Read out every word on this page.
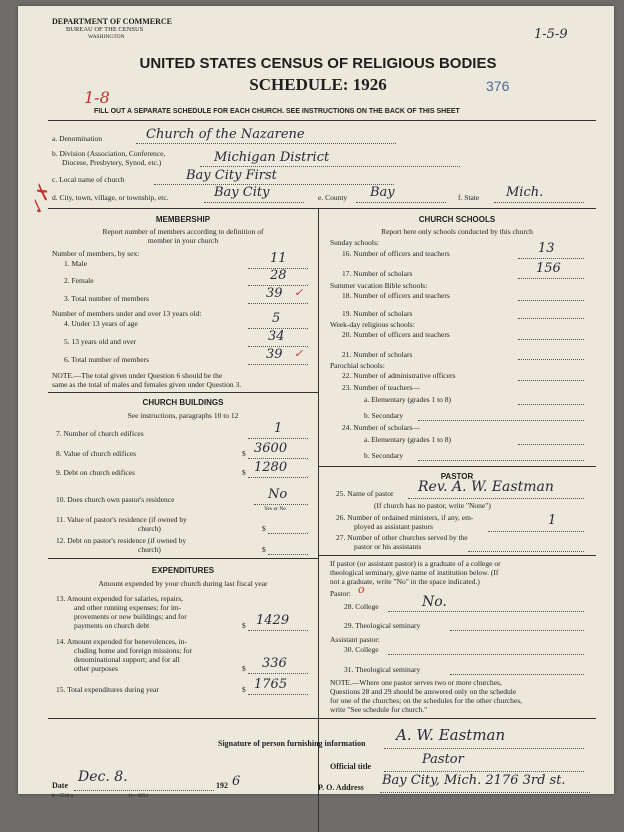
DEPARTMENT OF COMMERCE
BUREAU OF THE CENSUS
WASHINGTON	1-5-9
UNITED STATES CENSUS OF RELIGIOUS BODIES
SCHEDULE: 1926	376
1-8
✓✗
FILL OUT A SEPARATE SCHEDULE FOR EACH CHURCH. SEE INSTRUCTIONS ON THE BACK OF THIS SHEET
a. Denomination	Church of the Nazarene
b. Division (Association, Conference,
Diocese, Presbytery, Synod, etc.)	Michigan District
c. Local name of church	Bay City First
d. City, town, village, or township, etc.	Bay City	e. County Bay	f. State Mich.
MEMBERSHIP
Report number of members according to definition of
member in your church
Number of members, by sex:
1. Male	11
2. Female	28
3. Total number of members	39 ✓
Number of members under and over 13 years old:
4. Under 13 years of age	5
5. 13 years old and over	34
6. Total number of members	39 ✓
NOTE.—The total given under Question 6 should be the
same as the total of males and females given under Question 3.
CHURCH BUILDINGS
See instructions, paragraphs 10 to 12
7. Number of church edifices	1
8. Value of church edifices	$ 3600
9. Debt on church edifices	$ 1280
10. Does church own pastor's residence	No
Yes or No
11. Value of pastor's residence (if owned by
church)	$
12. Debt on pastor's residence (if owned by
church)	$
EXPENDITURES
Amount expended by your church during last fiscal year
13. Amount expended for salaries, repairs,
and other running expenses; for im-
provements or new buildings; and for
payments on church debt	$ 1429
14. Amount expended for benevolences, in-
cluding home and foreign missions; for
denominational support; and for all
other purposes	$ 336
15. Total expenditures during year	$ 1765
CHURCH SCHOOLS
Report here only schools conducted by this church
Sunday schools:
16. Number of officers and teachers	13
17. Number of scholars	156
Summer vacation Bible schools:
18. Number of officers and teachers
19. Number of scholars
Week-day religious schools:
20. Number of officers and teachers
21. Number of scholars
Parochial schools:
22. Number of administrative officers
23. Number of teachers—
a. Elementary (grades 1 to 8)
b. Secondary
24. Number of scholars—
a. Elementary (grades 1 to 8)
b. Secondary
PASTOR
25. Name of pastor Rev. A. W. Eastman
(If church has no pastor, write "None")
26. Number of ordained ministers, if any, em-
ployed as assistant pastors	1
27. Number of other churches served by the
pastor or his assistants
If pastor (or assistant pastor) is a graduate of a college or
theological seminary, give name of institution below. (If
not a graduate, write "No" in the space indicated.)
Pastor: o
28. College	No.
29. Theological seminary
Assistant pastor:
30. College
31. Theological seminary
NOTE.—Where one pastor serves two or more churches,
Questions 28 and 29 should be answered only on the schedule
for one of the churches; on the schedules for the other churches,
write "See schedule for church."
Signature of person furnishing information A. W. Eastman
Official title	Pastor
Date
Dec. 8.
192 6
8—5518 a	11—9054
P. O. Address Bay City, Mich. 2176 3rd st.
